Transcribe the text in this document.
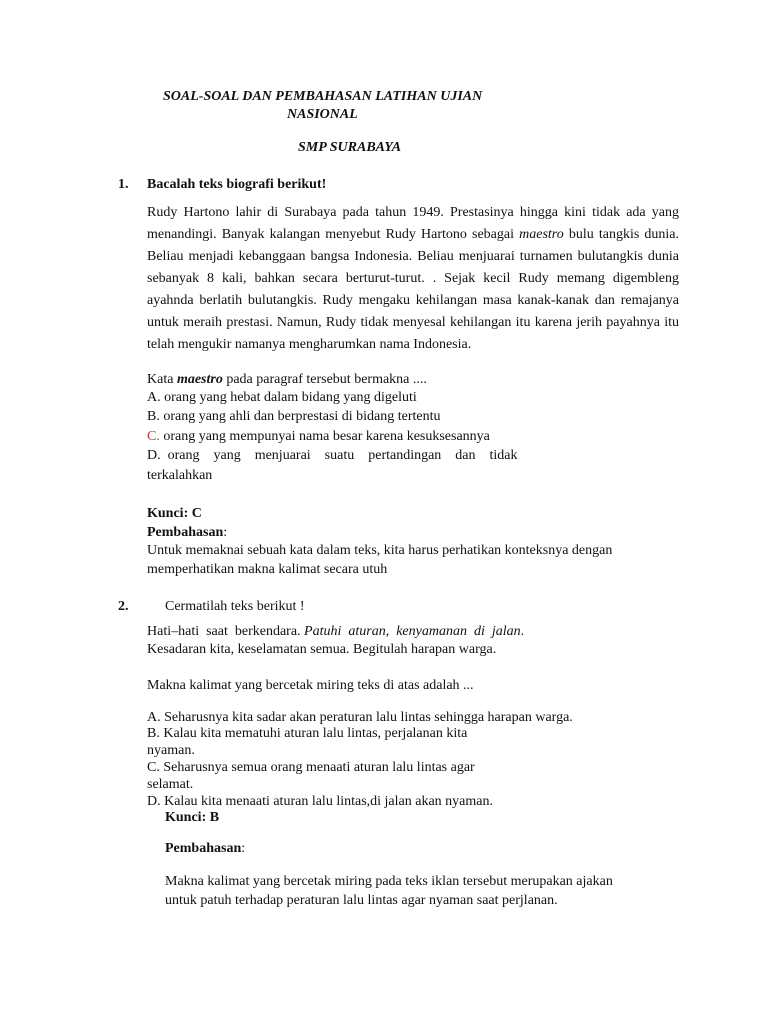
SOAL-SOAL DAN PEMBAHASAN LATIHAN UJIAN
NASIONAL
SMP SURABAYA
1. Bacalah teks biografi berikut!
Rudy Hartono lahir di Surabaya pada tahun 1949. Prestasinya hingga kini tidak ada yang menandingi. Banyak kalangan menyebut Rudy Hartono sebagai maestro bulu tangkis dunia. Beliau menjadi kebanggaan bangsa Indonesia. Beliau menjuarai turnamen bulutangkis dunia sebanyak 8 kali, bahkan secara berturut-turut. . Sejak kecil Rudy memang digembleng ayahnda berlatih bulutangkis. Rudy mengaku kehilangan masa kanak-kanak dan remajanya untuk meraih prestasi. Namun, Rudy tidak menyesal kehilangan itu karena jerih payahnya itu telah mengukir namanya mengharumkan nama Indonesia.
Kata maestro pada paragraf tersebut bermakna ....
A. orang yang hebat dalam bidang yang digeluti
B. orang yang ahli dan berprestasi di bidang tertentu
C. orang yang mempunyai nama besar karena kesuksesannya
D.  orang    yang    menjuarai    suatu    pertandingan    dan    tidak
terkalahkan
Kunci: C
Pembahasan:
Untuk memaknai sebuah kata dalam teks, kita harus perhatikan konteksnya dengan
memperhatikan makna kalimat secara utuh
2.	Cermatilah teks berikut !
Hati–hati  saat  berkendara. Patuhi  aturan,  kenyamanan  di  jalan.
Kesadaran kita, keselamatan semua. Begitulah harapan warga.
Makna kalimat yang bercetak miring teks di atas adalah ...
A. Seharusnya kita sadar akan peraturan lalu lintas sehingga harapan warga.
B. Kalau kita mematuhi aturan lalu lintas, perjalanan kita
nyaman.
C. Seharusnya semua orang menaati aturan lalu lintas agar
selamat.
D. Kalau kita menaati aturan lalu lintas,di jalan akan nyaman.
Kunci: B
Pembahasan:
Makna kalimat yang bercetak miring pada teks iklan tersebut merupakan ajakan
untuk patuh terhadap peraturan lalu lintas agar nyaman saat perjlanan.
